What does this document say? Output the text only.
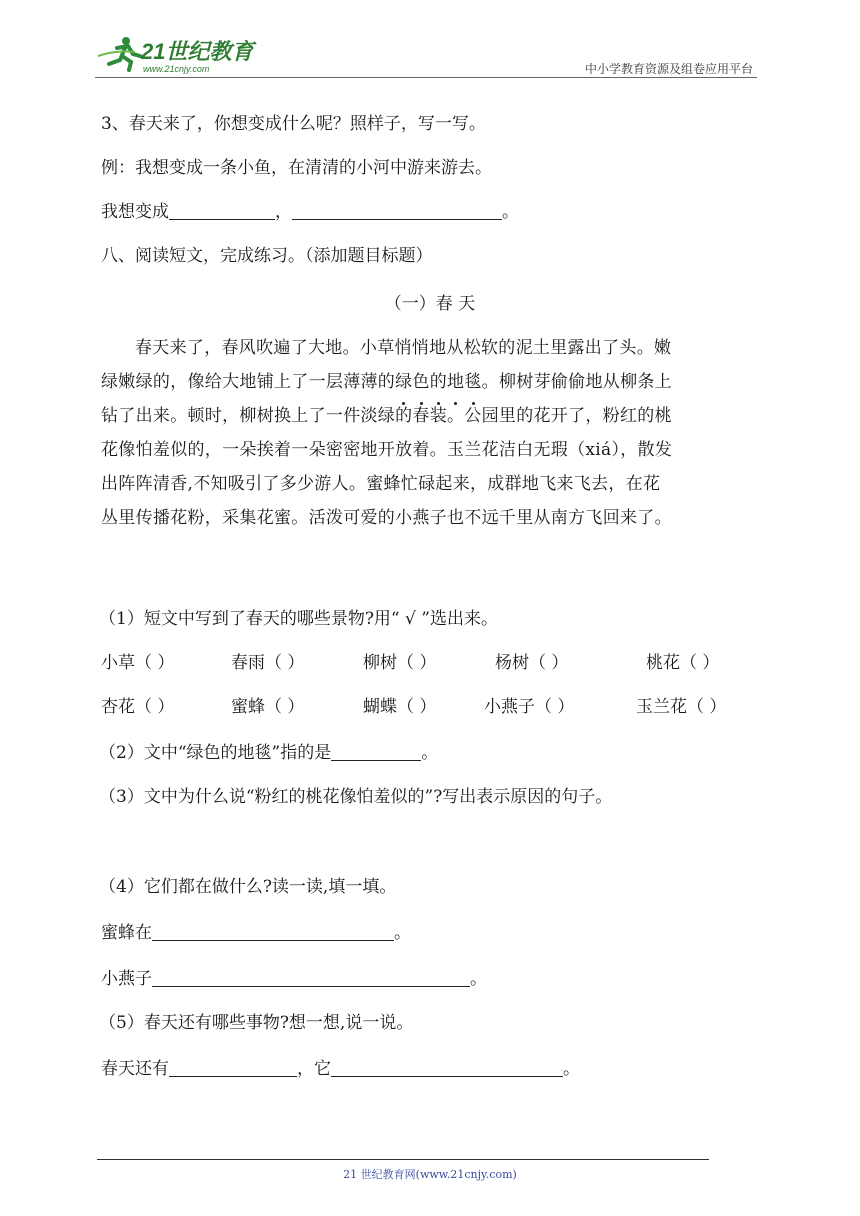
21世纪教育
www.21cnjy.com	中小学教育资源及组卷应用平台
3、春天来了，你想变成什么呢？照样子，写一写。
例：我想变成一条小鱼，在清清的小河中游来游去。
我想变成	，	。
八、阅读短文，完成练习。（添加题目标题）
（一）春 天

春天来了，春风吹遍了大地。小草悄悄地从松软的泥土里露出了头。嫩

绿嫩绿的，像给大地铺上了一层薄薄的绿色的地毯。柳树芽偷偷地从柳条上

钻了出来。顿时，柳树换上了一件淡绿的春装。公园里的花开了，粉红的桃

花像怕羞似的，一朵挨着一朵密密地开放着。玉兰花洁白无瑕（xiá），散发

出阵阵清香,不知吸引了多少游人。蜜蜂忙碌起来，成群地飞来飞去，在花

丛里传播花粉，采集花蜜。活泼可爱的小燕子也不远千里从南方飞回来了。

（1）短文中写到了春天的哪些景物?用“ √ ”选出来。
小草（ ）	春雨（ ）	柳树（ ）	杨树（ ）	桃花（ ）
杏花（ ）	蜜蜂（ ）	蝴蝶（ ）	小燕子（ ）	玉兰花（ ）
（2）文中“绿色的地毯”指的是	。
（3）文中为什么说“粉红的桃花像怕羞似的”?写出表示原因的句子。
（4）它们都在做什么?读一读,填一填。
蜜蜂在	。
小燕子	。
（5）春天还有哪些事物?想一想,说一说。
春天还有	，它	。
21 世纪教育网(www.21cnjy.com)
